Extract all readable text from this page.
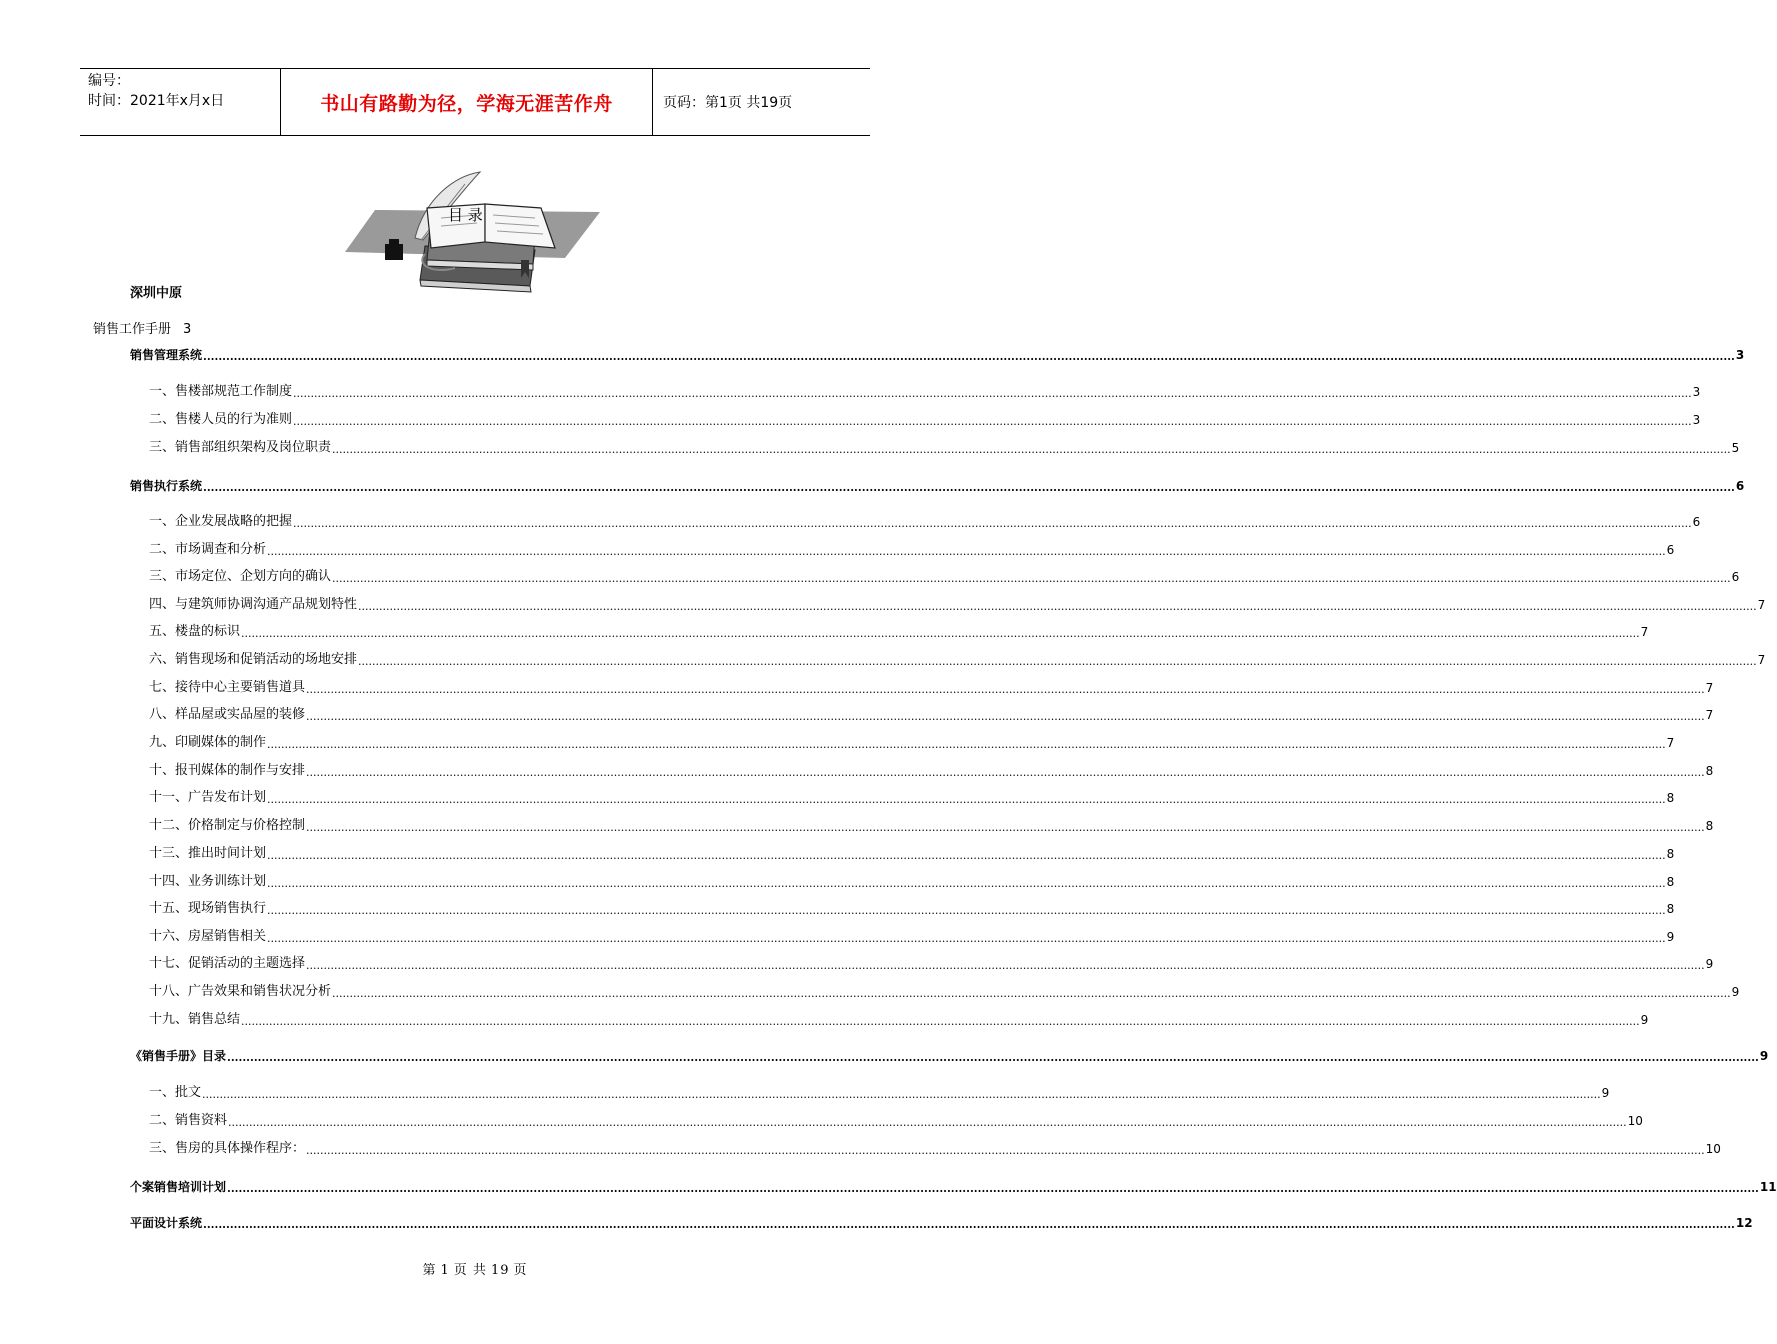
编号：
时间：2021年x月x日	书山有路勤为径，学海无涯苦作舟	页码：第1页 共19页
目 录
深圳中原
销售工作手册 3
销售管理系统 ................................................................................................................................................................................................................................................................................................................................................................................................................ 3
一、售楼部规范工作制度 ................................................................................................................................................................................................................................................................................................................................................................................................................ 3
二、售楼人员的行为准则 ................................................................................................................................................................................................................................................................................................................................................................................................................ 3
三、销售部组织架构及岗位职责 ................................................................................................................................................................................................................................................................................................................................................................................................................ 5
销售执行系统 ................................................................................................................................................................................................................................................................................................................................................................................................................ 6
一、企业发展战略的把握 ................................................................................................................................................................................................................................................................................................................................................................................................................ 6
二、市场调查和分析 ................................................................................................................................................................................................................................................................................................................................................................................................................ 6
三、市场定位、企划方向的确认 ................................................................................................................................................................................................................................................................................................................................................................................................................ 6
四、与建筑师协调沟通产品规划特性 ................................................................................................................................................................................................................................................................................................................................................................................................................ 7
五、楼盘的标识 ................................................................................................................................................................................................................................................................................................................................................................................................................ 7
六、销售现场和促销活动的场地安排 ................................................................................................................................................................................................................................................................................................................................................................................................................ 7
七、接待中心主要销售道具 ................................................................................................................................................................................................................................................................................................................................................................................................................ 7
八、样品屋或实品屋的装修 ................................................................................................................................................................................................................................................................................................................................................................................................................ 7
九、印刷媒体的制作 ................................................................................................................................................................................................................................................................................................................................................................................................................ 7
十、报刊媒体的制作与安排 ................................................................................................................................................................................................................................................................................................................................................................................................................ 8
十一、广告发布计划 ................................................................................................................................................................................................................................................................................................................................................................................................................ 8
十二、价格制定与价格控制 ................................................................................................................................................................................................................................................................................................................................................................................................................ 8
十三、推出时间计划 ................................................................................................................................................................................................................................................................................................................................................................................................................ 8
十四、业务训练计划 ................................................................................................................................................................................................................................................................................................................................................................................................................ 8
十五、现场销售执行 ................................................................................................................................................................................................................................................................................................................................................................................................................ 8
十六、房屋销售相关 ................................................................................................................................................................................................................................................................................................................................................................................................................ 9
十七、促销活动的主题选择 ................................................................................................................................................................................................................................................................................................................................................................................................................ 9
十八、广告效果和销售状况分析 ................................................................................................................................................................................................................................................................................................................................................................................................................ 9
十九、销售总结 ................................................................................................................................................................................................................................................................................................................................................................................................................ 9
《销售手册》目录 ................................................................................................................................................................................................................................................................................................................................................................................................................ 9
一、批文 ................................................................................................................................................................................................................................................................................................................................................................................................................ 9
二、销售资料 ................................................................................................................................................................................................................................................................................................................................................................................................................ 10
三、售房的具体操作程序： ................................................................................................................................................................................................................................................................................................................................................................................................................ 10
个案销售培训计划 ................................................................................................................................................................................................................................................................................................................................................................................................................ 11
平面设计系统 ................................................................................................................................................................................................................................................................................................................................................................................................................ 12
第 1 页 共 19 页
